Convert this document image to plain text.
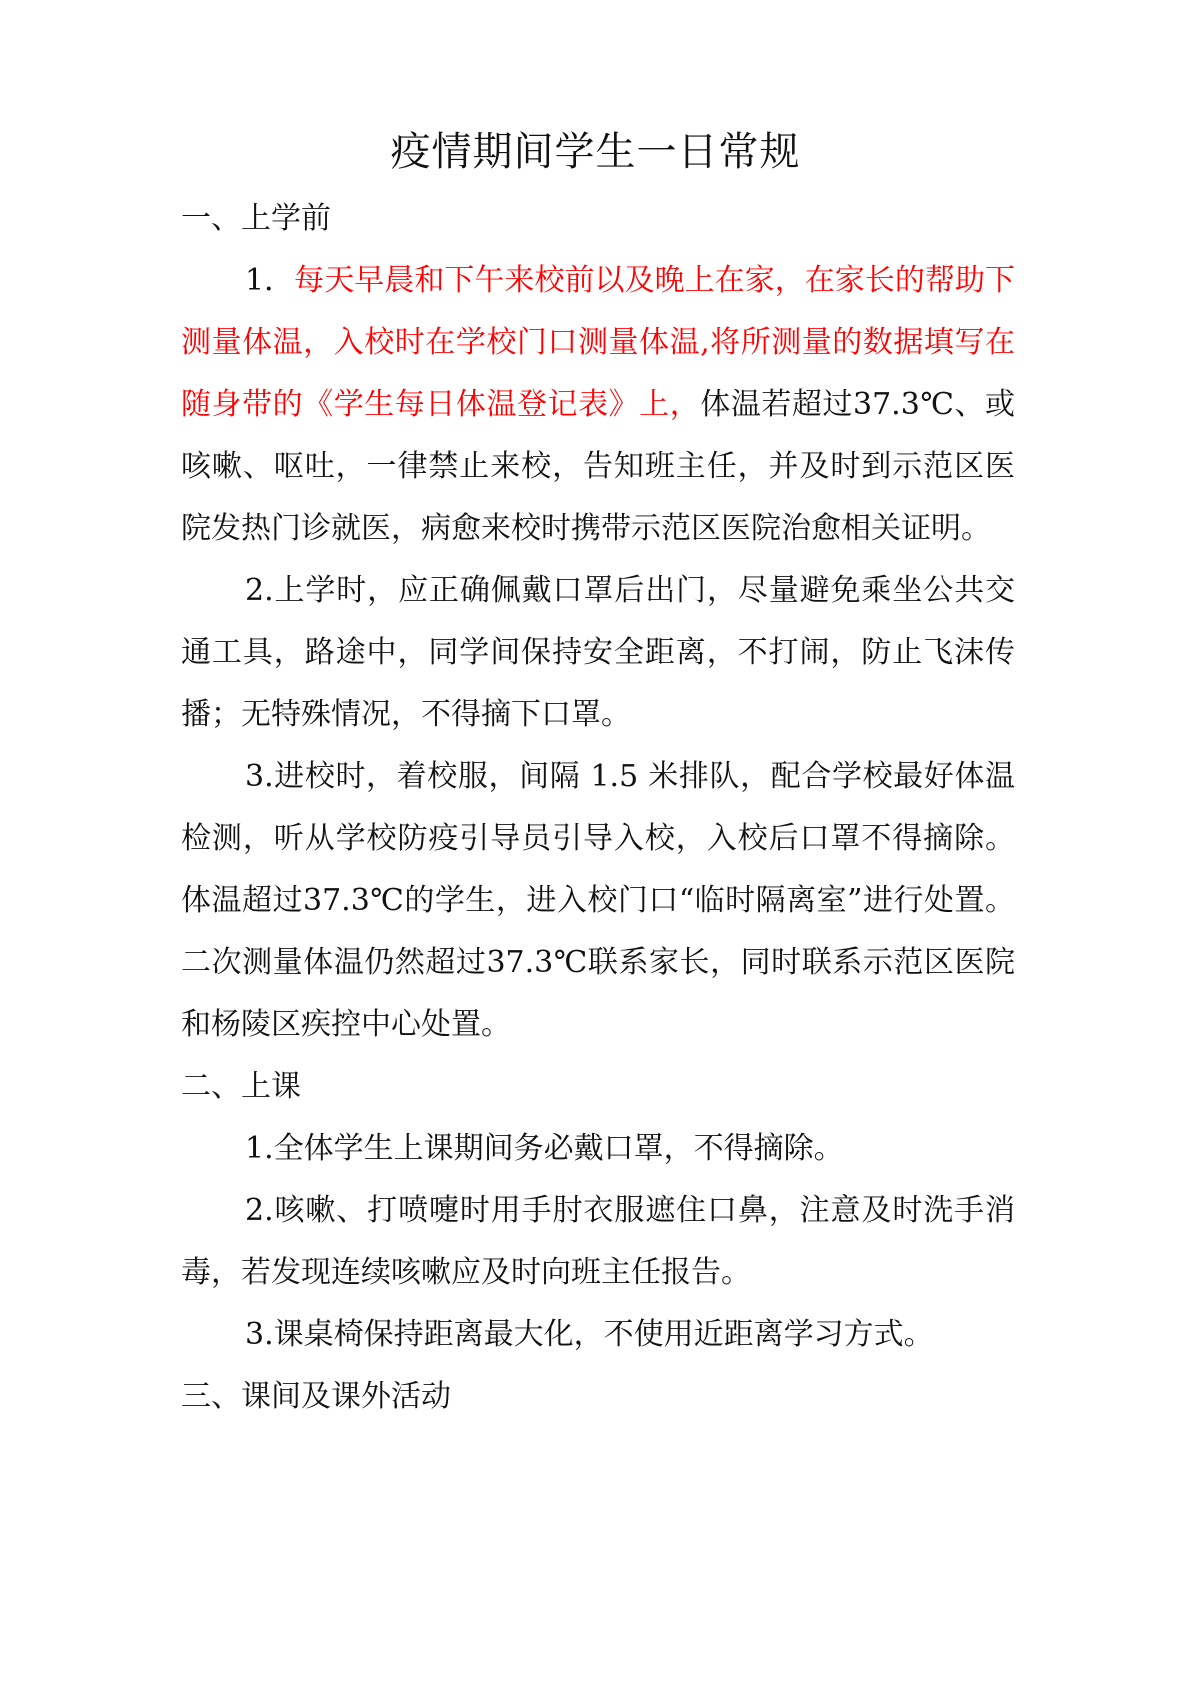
疫情期间学生一日常规

一、上学前

1．每天早晨和下午来校前以及晚上在家，在家长的帮助下测量体温，入校时在学校门口测量体温,将所测量的数据填写在随身带的《学生每日体温登记表》上，体温若超过37.3℃、或咳嗽、呕吐，一律禁止来校，告知班主任，并及时到示范区医院发热门诊就医，病愈来校时携带示范区医院治愈相关证明。

2.上学时，应正确佩戴口罩后出门，尽量避免乘坐公共交通工具，路途中，同学间保持安全距离，不打闹，防止飞沫传播；无特殊情况，不得摘下口罩。

3.进校时，着校服，间隔 1.5 米排队，配合学校最好体温检测，听从学校防疫引导员引导入校，入校后口罩不得摘除。体温超过37.3℃的学生，进入校门口“临时隔离室”进行处置。二次测量体温仍然超过37.3℃联系家长，同时联系示范区医院和杨陵区疾控中心处置。

二、上课

1.全体学生上课期间务必戴口罩，不得摘除。

2.咳嗽、打喷嚏时用手肘衣服遮住口鼻，注意及时洗手消毒，若发现连续咳嗽应及时向班主任报告。

3.课桌椅保持距离最大化，不使用近距离学习方式。

三、课间及课外活动
